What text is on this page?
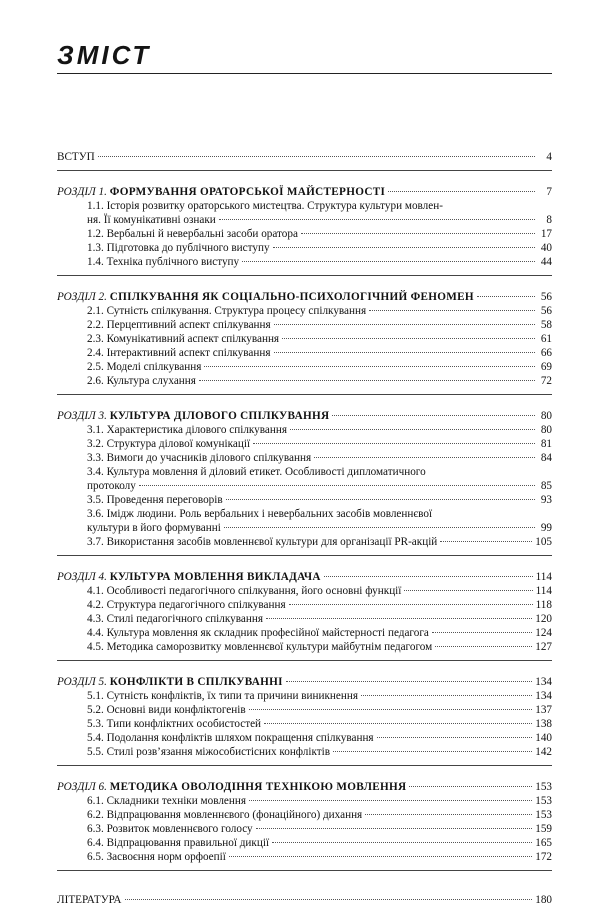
ЗМІСТ
ВСТУП	4
РОЗДІЛ 1. ФОРМУВАННЯ ОРАТОРСЬКОЇ МАЙСТЕРНОСТІ	7
1.1. Історія розвитку ораторського мистецтва. Структура культури мовлен-
ня. Її комунікативні ознаки	8
1.2. Вербальні й невербальні засоби оратора	17
1.3. Підготовка до публічного виступу	40
1.4. Техніка публічного виступу	44
РОЗДІЛ 2. СПІЛКУВАННЯ ЯК СОЦІАЛЬНО-ПСИХОЛОГІЧНИЙ ФЕНОМЕН	56
2.1. Сутність спілкування. Структура процесу спілкування	56
2.2. Перцептивний аспект спілкування	58
2.3. Комунікативний аспект спілкування	61
2.4. Інтерактивний аспект спілкування	66
2.5. Моделі спілкування	69
2.6. Культура слухання	72
РОЗДІЛ 3. КУЛЬТУРА ДІЛОВОГО СПІЛКУВАННЯ	80
3.1. Характеристика ділового спілкування	80
3.2. Структура ділової комунікації	81
3.3. Вимоги до учасників ділового спілкування	84
3.4. Культура мовлення й діловий етикет. Особливості дипломатичного
протоколу	85
3.5. Проведення переговорів	93
3.6. Імідж людини. Роль вербальних і невербальних засобів мовленнєвої
культури в його формуванні	99
3.7. Використання засобів мовленнєвої культури для організації PR-акцій	105
РОЗДІЛ 4. КУЛЬТУРА МОВЛЕННЯ ВИКЛАДАЧА	114
4.1. Особливості педагогічного спілкування, його основні функції	114
4.2. Структура педагогічного спілкування	118
4.3. Стилі педагогічного спілкування	120
4.4. Культура мовлення як складник професійної майстерності педагога	124
4.5. Методика саморозвитку мовленнєвої культури майбутнім педагогом	127
РОЗДІЛ 5. КОНФЛІКТИ В СПІЛКУВАННІ	134
5.1. Сутність конфліктів, їх типи та причини виникнення	134
5.2. Основні види конфліктогенів	137
5.3. Типи конфліктних особистостей	138
5.4. Подолання конфліктів шляхом покращення спілкування	140
5.5. Стилі розв’язання міжособистісних конфліктів	142
РОЗДІЛ 6. МЕТОДИКА ОВОЛОДІННЯ ТЕХНІКОЮ МОВЛЕННЯ	153
6.1. Складники техніки мовлення	153
6.2. Відпрацювання мовленнєвого (фонаційного) дихання	153
6.3. Розвиток мовленнєвого голосу	159
6.4. Відпрацювання правильної дикції	165
6.5. Засвоєння норм орфоепії	172
ЛІТЕРАТУРА	180
